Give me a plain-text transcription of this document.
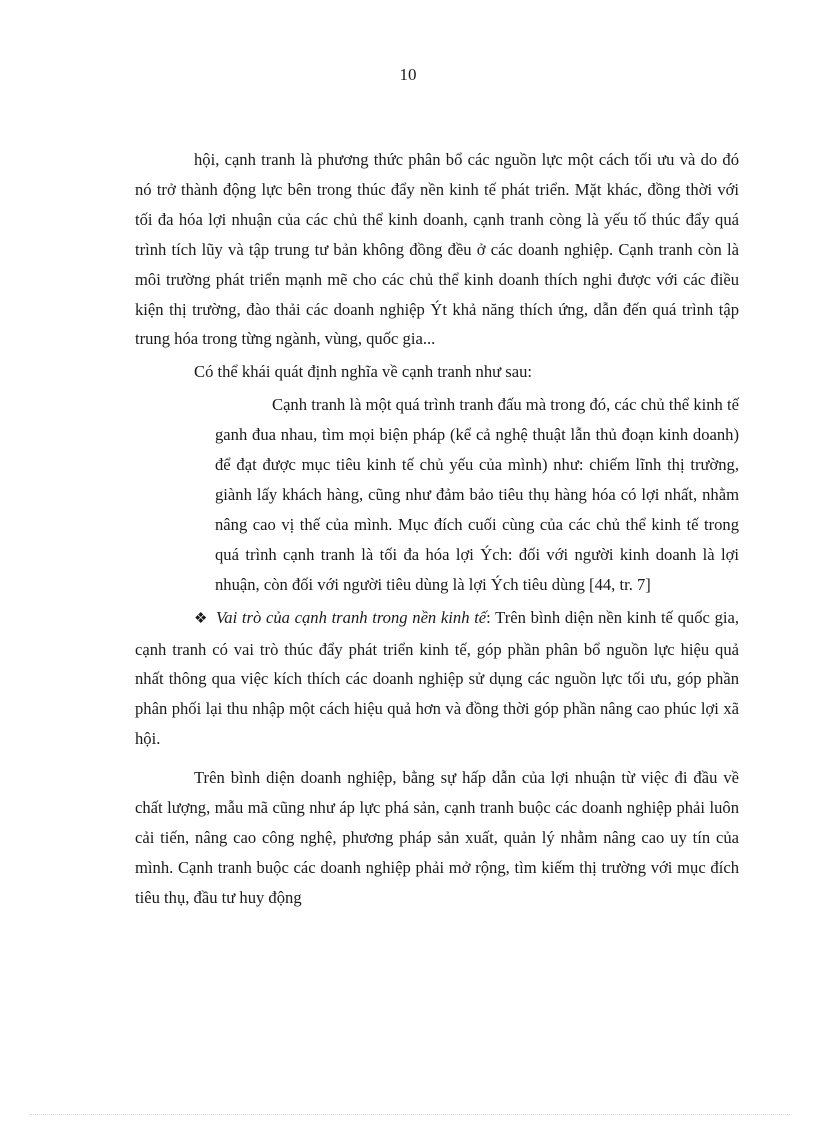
10

hội, cạnh tranh là phương thức phân bổ các nguồn lực một cách tối ưu và do đó nó trở thành động lực bên trong thúc đẩy nền kinh tế phát triển. Mặt khác, đồng thời với tối đa hóa lợi nhuận của các chủ thể kinh doanh, cạnh tranh còng là yếu tố thúc đẩy quá trình tích lũy và tập trung tư bản không đồng đều ở các doanh nghiệp. Cạnh tranh còn là môi trường phát triển mạnh mẽ cho các chủ thể kinh doanh thích nghi được với các điều kiện thị trường, đào thải các doanh nghiệp Ýt khả năng thích ứng, dẫn đến quá trình tập trung hóa trong từng ngành, vùng, quốc gia...

Có thể khái quát định nghĩa về cạnh tranh như sau:

Cạnh tranh là một quá trình tranh đấu mà trong đó, các chủ thể kinh tế ganh đua nhau, tìm mọi biện pháp (kể cả nghệ thuật lẫn thủ đoạn kinh doanh) để đạt được mục tiêu kinh tế chủ yếu của mình) như: chiếm lĩnh thị trường, giành lấy khách hàng, cũng như đảm bảo tiêu thụ hàng hóa có lợi nhất, nhằm nâng cao vị thế của mình. Mục đích cuối cùng của các chủ thể kinh tế trong quá trình cạnh tranh là tối đa hóa lợi Ých: đối với người kinh doanh là lợi nhuận, còn đối với người tiêu dùng là lợi Ých tiêu dùng [44, tr. 7]

❖ Vai trò của cạnh tranh trong nền kinh tế: Trên bình diện nền kinh tế quốc gia, cạnh tranh có vai trò thúc đẩy phát triển kinh tế, góp phần phân bổ nguồn lực hiệu quả nhất thông qua việc kích thích các doanh nghiệp sử dụng các nguồn lực tối ưu, góp phần phân phối lại thu nhập một cách hiệu quả hơn và đồng thời góp phần nâng cao phúc lợi xã hội.

Trên bình diện doanh nghiệp, bằng sự hấp dẫn của lợi nhuận từ việc đi đầu về chất lượng, mẫu mã cũng như áp lực phá sản, cạnh tranh buộc các doanh nghiệp phải luôn cải tiến, nâng cao công nghệ, phương pháp sản xuất, quản lý nhằm nâng cao uy tín của mình. Cạnh tranh buộc các doanh nghiệp phải mở rộng, tìm kiếm thị trường với mục đích tiêu thụ, đầu tư huy động
